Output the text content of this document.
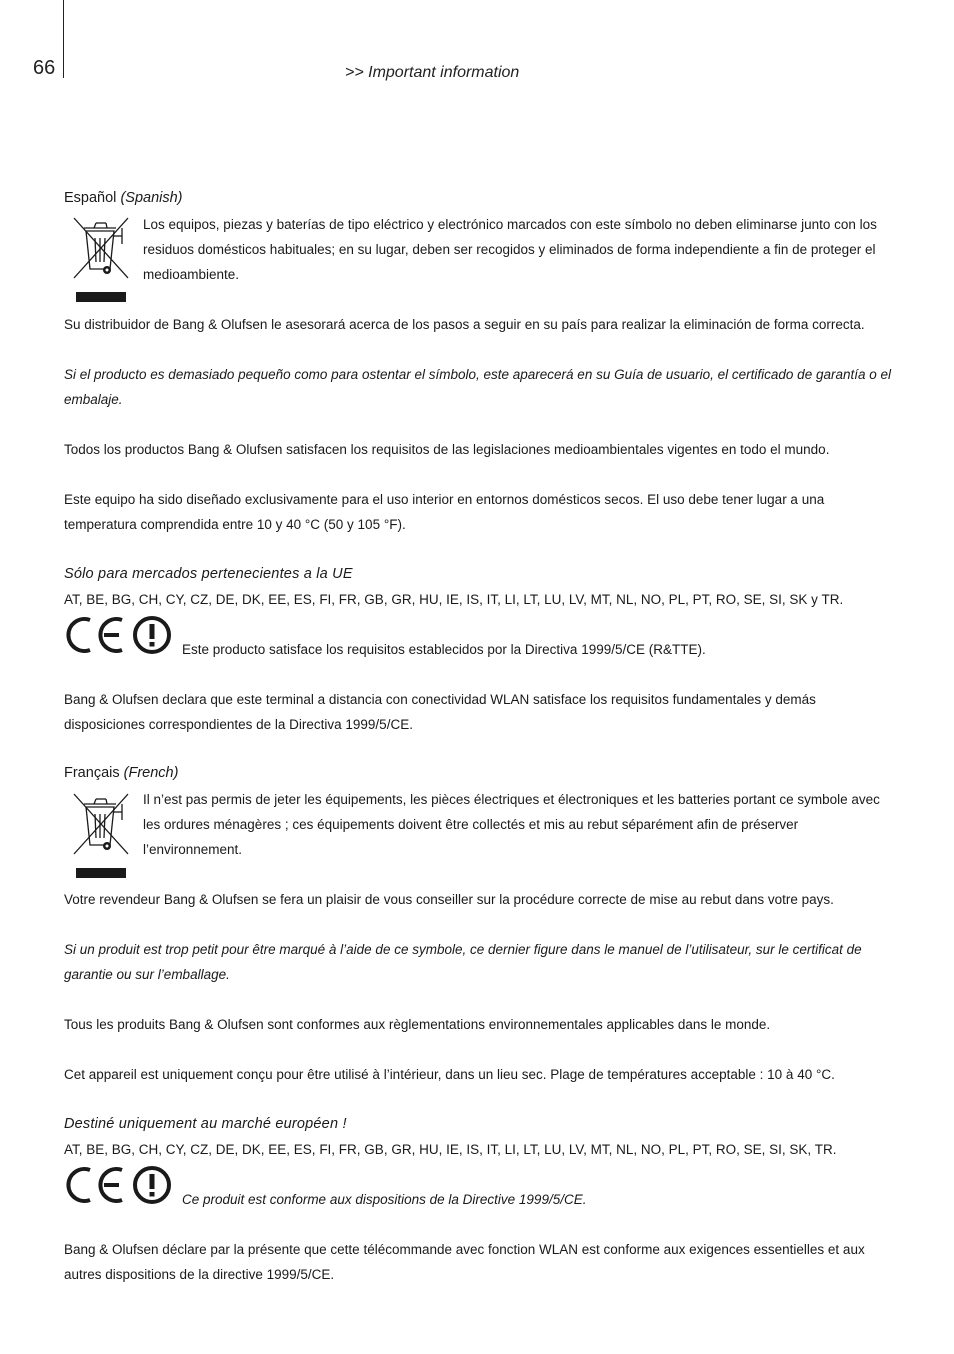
66	>> Important information

Español (Spanish)

Los equipos, piezas y baterías de tipo eléctrico y electrónico marcados con este símbolo no deben eliminarse junto con los residuos domésticos habituales; en su lugar, deben ser recogidos y eliminados de forma independiente a fin de proteger el medioambiente.

Su distribuidor de Bang & Olufsen le asesorará acerca de los pasos a seguir en su país para realizar la eliminación de forma correcta.

Si el producto es demasiado pequeño como para ostentar el símbolo, este aparecerá en su Guía de usuario, el certificado de garantía o el embalaje.

Todos los productos Bang & Olufsen satisfacen los requisitos de las legislaciones medioambientales vigentes en todo el mundo.

Este equipo ha sido diseñado exclusivamente para el uso interior en entornos domésticos secos. El uso debe tener lugar a una temperatura comprendida entre 10 y 40 °C (50 y 105 °F).

Sólo para mercados pertenecientes a la UE

AT, BE, BG, CH, CY, CZ, DE, DK, EE, ES, FI, FR, GB, GR, HU, IE, IS, IT, LI, LT, LU, LV, MT, NL, NO, PL, PT, RO, SE, SI, SK y TR.

Este producto satisface los requisitos establecidos por la Directiva 1999/5/CE (R&TTE).

Bang & Olufsen declara que este terminal a distancia con conectividad WLAN satisface los requisitos fundamentales y demás disposiciones correspondientes de la Directiva 1999/5/CE.

Français (French)

Il n’est pas permis de jeter les équipements, les pièces électriques et électroniques et les batteries portant ce symbole avec les ordures ménagères ; ces équipements doivent être collectés et mis au rebut séparément afin de préserver l’environnement.

Votre revendeur Bang & Olufsen se fera un plaisir de vous conseiller sur la procédure correcte de mise au rebut dans votre pays.

Si un produit est trop petit pour être marqué à l’aide de ce symbole, ce dernier figure dans le manuel de l’utilisateur, sur le certificat de garantie ou sur l’emballage.

Tous les produits Bang & Olufsen sont conformes aux règlementations environnementales applicables dans le monde.

Cet appareil est uniquement conçu pour être utilisé à l’intérieur, dans un lieu sec. Plage de températures acceptable : 10 à 40 °C.

Destiné uniquement au marché européen !

AT, BE, BG, CH, CY, CZ, DE, DK, EE, ES, FI, FR, GB, GR, HU, IE, IS, IT, LI, LT, LU, LV, MT, NL, NO, PL, PT, RO, SE, SI, SK, TR.

Ce produit est conforme aux dispositions de la Directive 1999/5/CE.

Bang & Olufsen déclare par la présente que cette télécommande avec fonction WLAN est conforme aux exigences essentielles et aux autres dispositions de la directive 1999/5/CE.
